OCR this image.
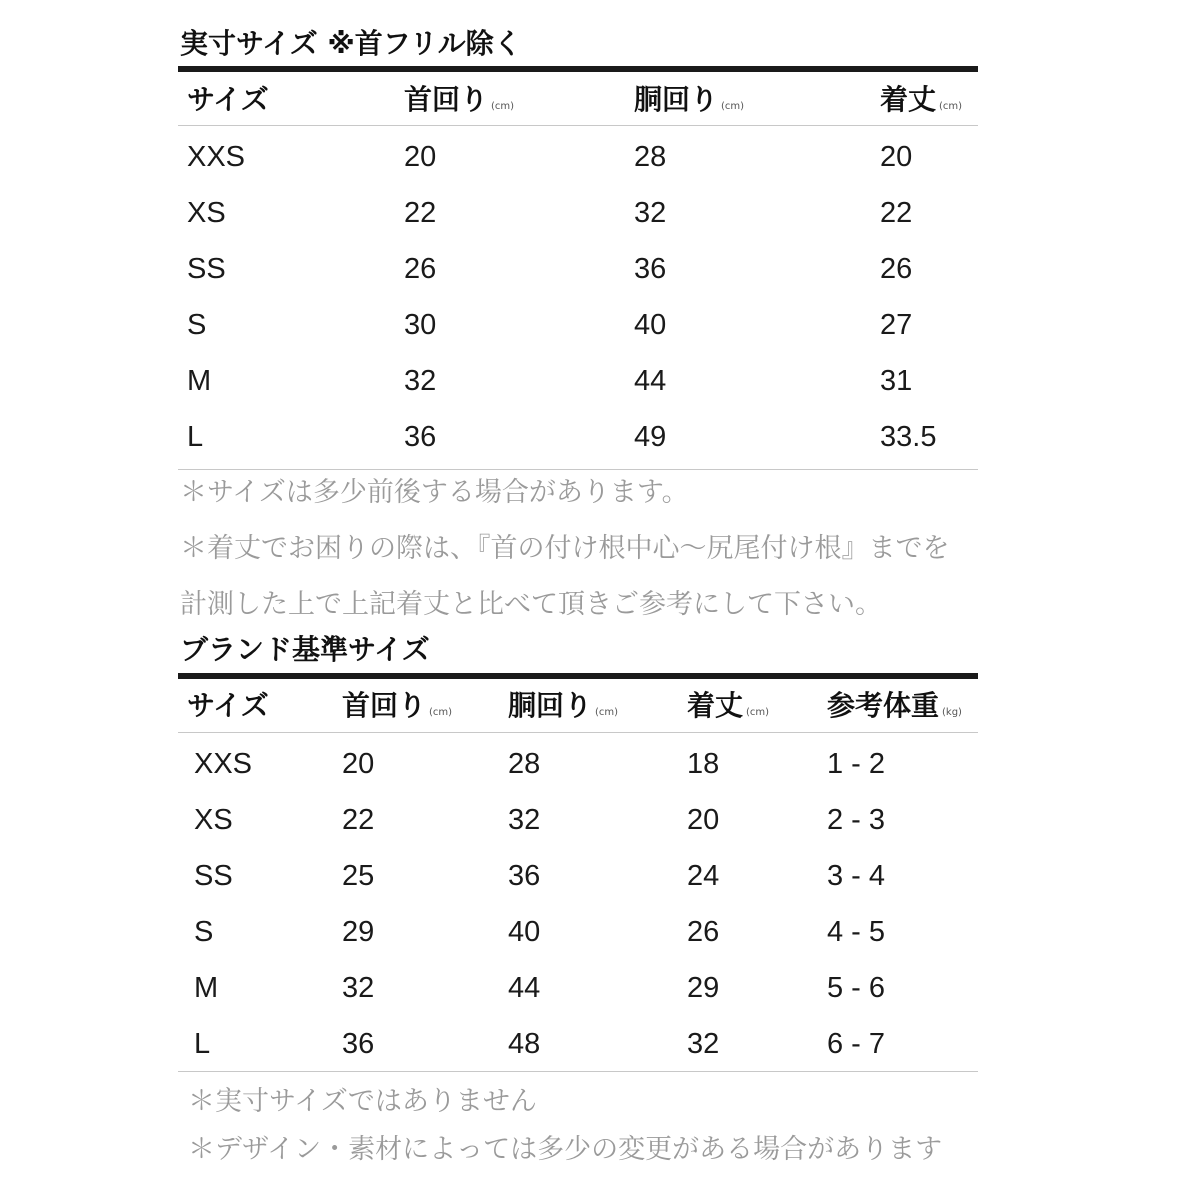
実寸サイズ ※首フリル除く
サイズ	首回り (cm)	胴回り (cm)	着丈 (cm)
XXS	20	28	20
XS	22	32	22
SS	26	36	26
S	30	40	27
M	32	44	31
L	36	49	33.5
＊サイズは多少前後する場合があります。
＊着丈でお困りの際は、『首の付け根中心〜尻尾付け根』までを
計測した上で上記着丈と比べて頂きご参考にして下さい。
ブランド基準サイズ
サイズ	首回り (cm) 胴回り (cm) 着丈 (cm) 参考体重 (kg)
XXS	20	28	18	1 - 2
XS	22	32	20	2 - 3
SS	25	36	24	3 - 4
S	29	40	26	4 - 5
M	32	44	29	5 - 6
L	36	48	32	6 - 7
＊実寸サイズではありません
＊デザイン・素材によっては多少の変更がある場合があります
